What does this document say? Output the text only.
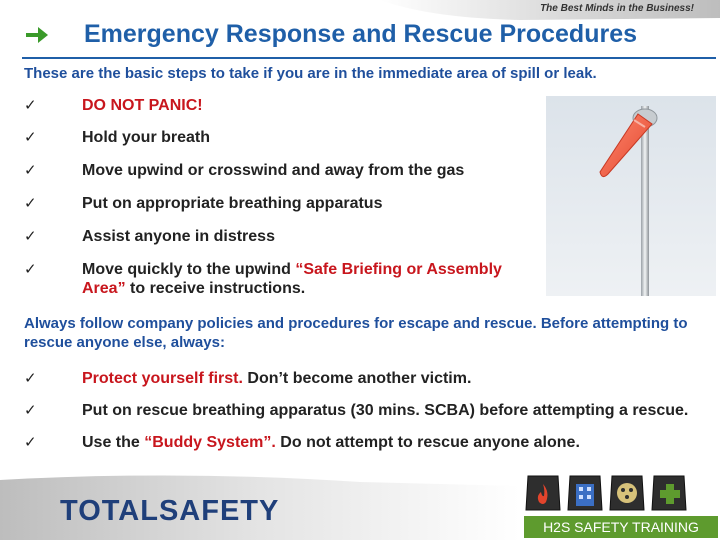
The Best Minds in the Business!
Emergency Response and Rescue Procedures
These are the basic steps to take if you are in the immediate area of spill or leak.
✓	DO NOT PANIC!
✓	Hold your breath
✓	Move upwind or crosswind and away from the gas
✓	Put on appropriate breathing apparatus
✓	Assist anyone in distress
✓	Move quickly to the upwind “Safe Briefing or Assembly Area” to receive instructions.
Always follow company policies and procedures for escape and rescue. Before attempting to rescue anyone else, always:
✓	Protect yourself first. Don’t become another victim.
✓	Put on rescue breathing apparatus (30 mins. SCBA) before attempting a rescue.
✓	Use the “Buddy System”. Do not attempt to rescue anyone alone.
TOTALSAFETY	H2S SAFETY TRAINING
